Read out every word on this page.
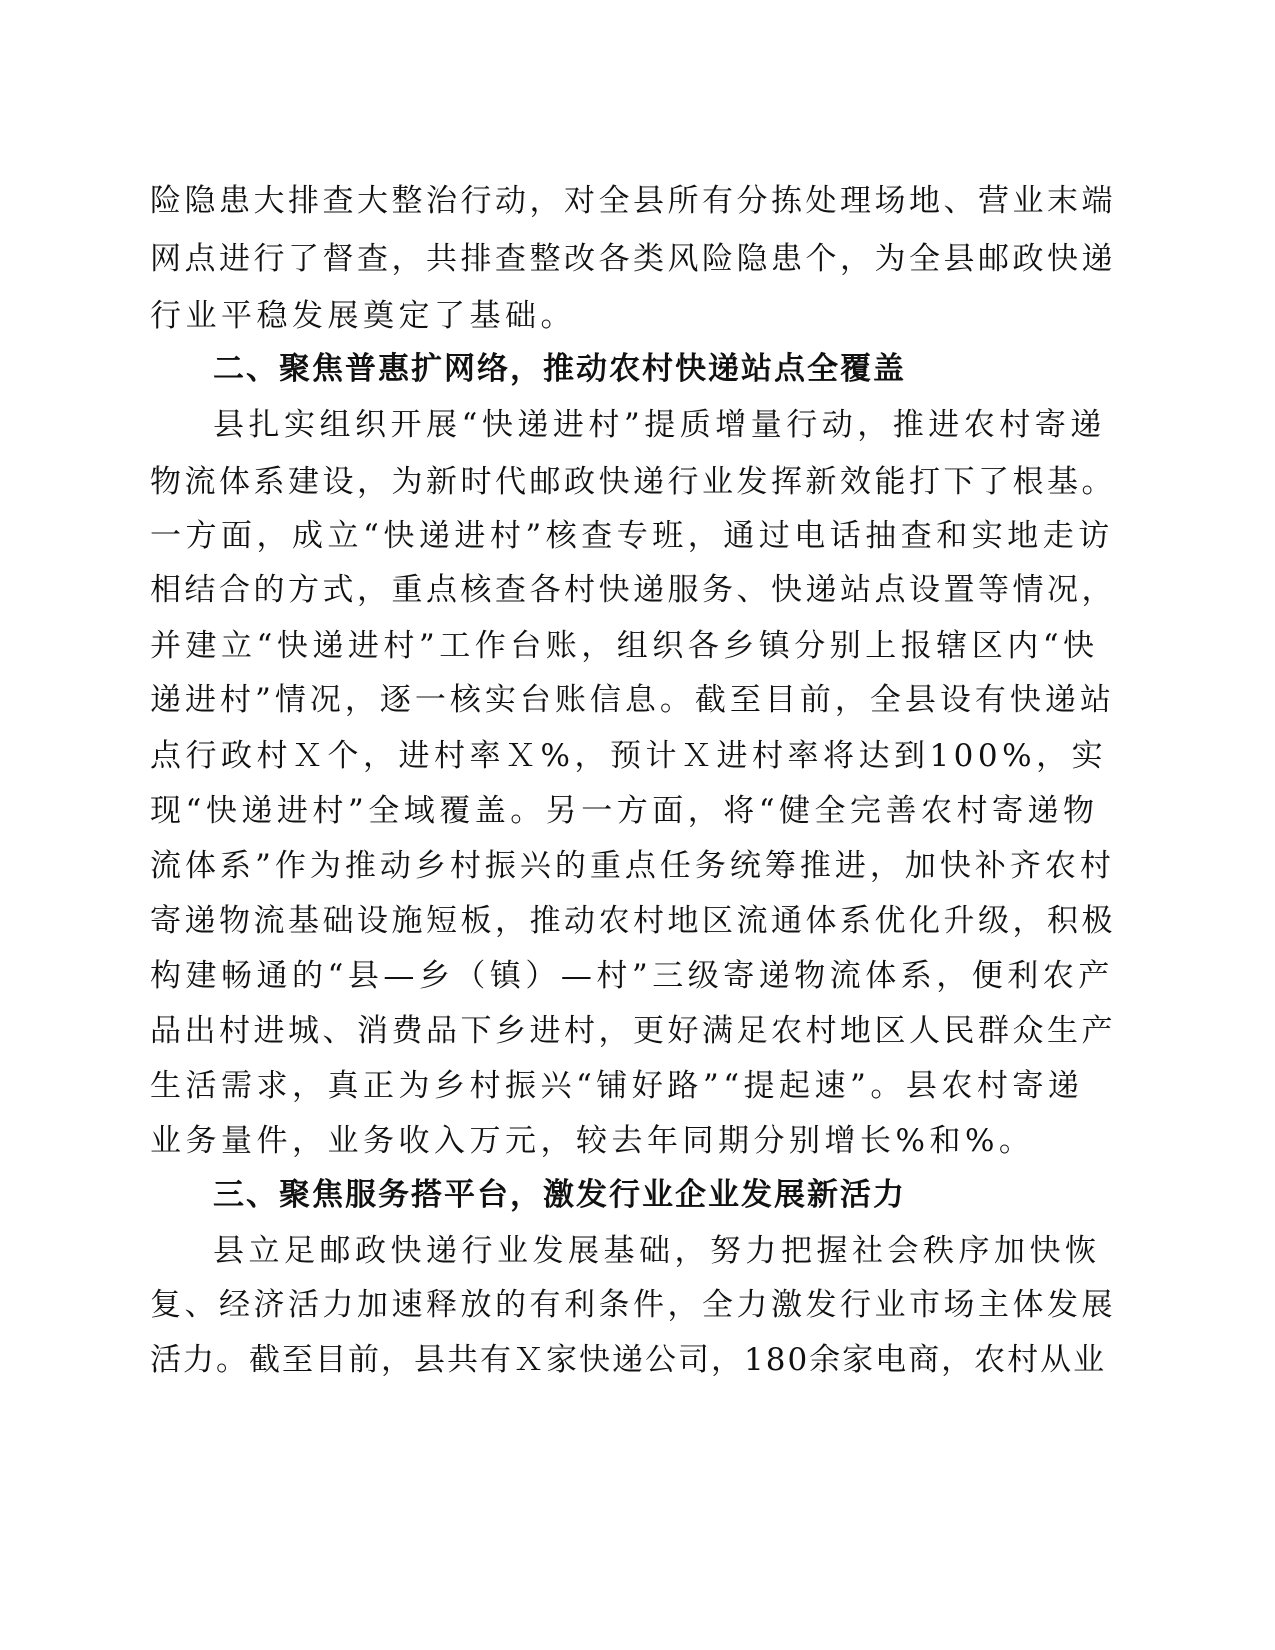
险隐患大排查大整治行动，对全县所有分拣处理场地、营业末端
网点进行了督查，共排查整改各类风险隐患个，为全县邮政快递
行业平稳发展奠定了基础。
二、聚焦普惠扩网络，推动农村快递站点全覆盖
县扎实组织开展“快递进村”提质增量行动，推进农村寄递
物流体系建设，为新时代邮政快递行业发挥新效能打下了根基。
一方面，成立“快递进村”核查专班，通过电话抽查和实地走访
相结合的方式，重点核查各村快递服务、快递站点设置等情况，
并建立“快递进村”工作台账，组织各乡镇分别上报辖区内“快
递进村”情况，逐一核实台账信息。截至目前，全县设有快递站
点行政村Ｘ个，进村率Ｘ%，预计Ｘ进村率将达到100%，实
现“快递进村”全域覆盖。另一方面，将“健全完善农村寄递物
流体系”作为推动乡村振兴的重点任务统筹推进，加快补齐农村
寄递物流基础设施短板，推动农村地区流通体系优化升级，积极
构建畅通的“县—乡（镇）—村”三级寄递物流体系，便利农产
品出村进城、消费品下乡进村，更好满足农村地区人民群众生产
生活需求，真正为乡村振兴“铺好路”“提起速”。县农村寄递
业务量件，业务收入万元，较去年同期分别增长%和%。
三、聚焦服务搭平台，激发行业企业发展新活力
县立足邮政快递行业发展基础，努力把握社会秩序加快恢
复、经济活力加速释放的有利条件，全力激发行业市场主体发展
活力。截至目前，县共有Ｘ家快递公司，180余家电商，农村从业
